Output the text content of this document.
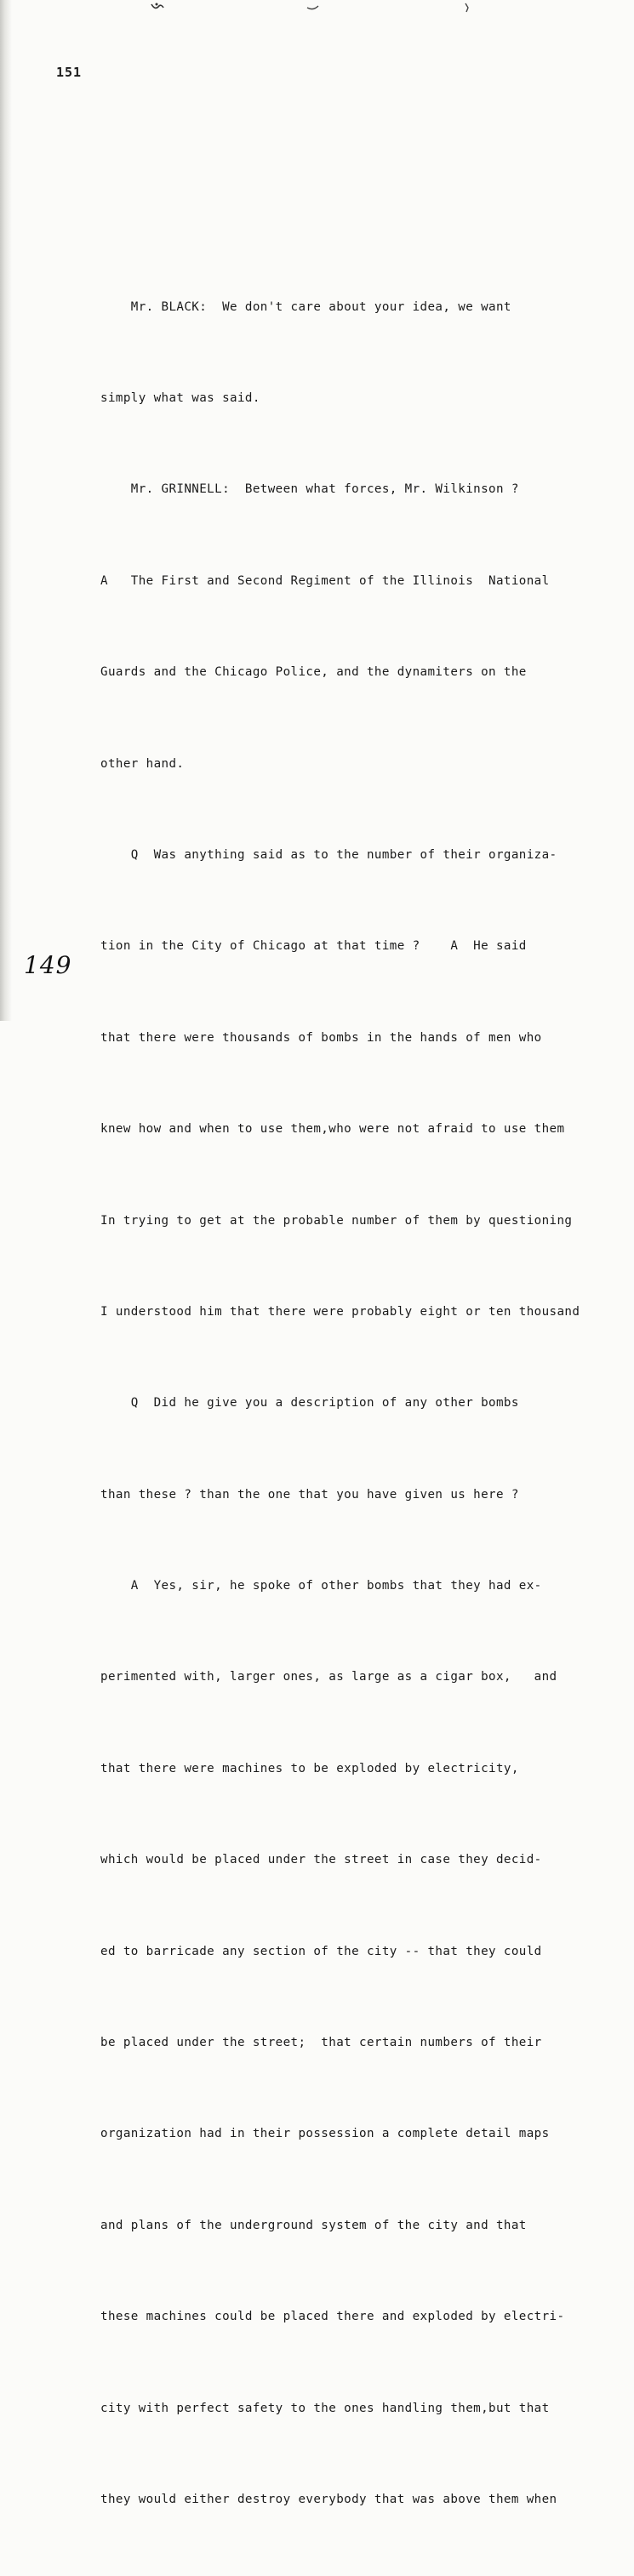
151

Mr. BLACK:  We don't care about your idea, we want

simply what was said.

Mr. GRINNELL:  Between what forces, Mr. Wilkinson ?

A   The First and Second Regiment of the Illinois  National

Guards and the Chicago Police, and the dynamiters on the

other hand.

Q  Was anything said as to the number of their organiza-

tion in the City of Chicago at that time ?    A  He said

that there were thousands of bombs in the hands of men who

knew how and when to use them,who were not afraid to use them

In trying to get at the probable number of them by questioning

I understood him that there were probably eight or ten thousand

Q  Did he give you a description of any other bombs

than these ? than the one that you have given us here ?

A  Yes, sir, he spoke of other bombs that they had ex-

perimented with, larger ones, as large as a cigar box,   and

that there were machines to be exploded by electricity,

which would be placed under the street in case they decid-

ed to barricade any section of the city -- that they could

be placed under the street;  that certain numbers of their

organization had in their possession a complete detail maps

and plans of the underground system of the city and that

these machines could be placed there and exploded by electri-

city with perfect safety to the ones handling them,but that

they would either destroy everybody that was above them when

149
